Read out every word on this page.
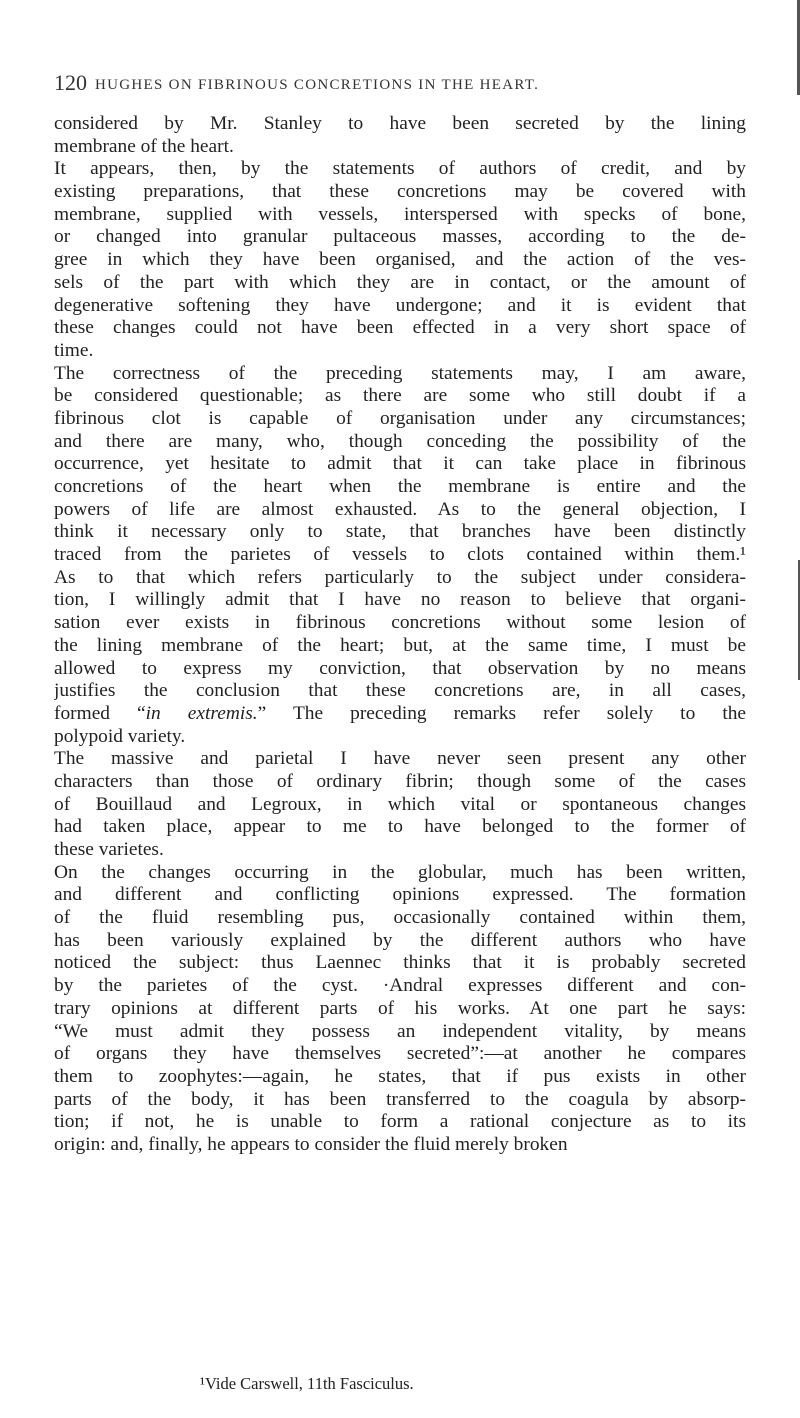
120 HUGHES ON FIBRINOUS CONCRETIONS IN THE HEART.
considered by Mr. Stanley to have been secreted by the lining
membrane of the heart.
It appears, then, by the statements of authors of credit, and by
existing preparations, that these concretions may be covered with
membrane, supplied with vessels, interspersed with specks of bone,
or changed into granular pultaceous masses, according to the de-
gree in which they have been organised, and the action of the ves-
sels of the part with which they are in contact, or the amount of
degenerative softening they have undergone; and it is evident that
these changes could not have been effected in a very short space of
time.
The correctness of the preceding statements may, I am aware,
be considered questionable; as there are some who still doubt if a
fibrinous clot is capable of organisation under any circumstances;
and there are many, who, though conceding the possibility of the
occurrence, yet hesitate to admit that it can take place in fibrinous
concretions of the heart when the membrane is entire and the
powers of life are almost exhausted. As to the general objection, I
think it necessary only to state, that branches have been distinctly
traced from the parietes of vessels to clots contained within them.¹
As to that which refers particularly to the subject under considera-
tion, I willingly admit that I have no reason to believe that organi-
sation ever exists in fibrinous concretions without some lesion of
the lining membrane of the heart; but, at the same time, I must be
allowed to express my conviction, that observation by no means
justifies the conclusion that these concretions are, in all cases,
formed “in extremis.” The preceding remarks refer solely to the
polypoid variety.
The massive and parietal I have never seen present any other
characters than those of ordinary fibrin; though some of the cases
of Bouillaud and Legroux, in which vital or spontaneous changes
had taken place, appear to me to have belonged to the former of
these varietes.
On the changes occurring in the globular, much has been written,
and different and conflicting opinions expressed. The formation
of the fluid resembling pus, occasionally contained within them,
has been variously explained by the different authors who have
noticed the subject: thus Laennec thinks that it is probably secreted
by the parietes of the cyst. ·Andral expresses different and con-
trary opinions at different parts of his works. At one part he says:
“We must admit they possess an independent vitality, by means
of organs they have themselves secreted”:—at another he compares
them to zoophytes:—again, he states, that if pus exists in other
parts of the body, it has been transferred to the coagula by absorp-
tion; if not, he is unable to form a rational conjecture as to its
origin: and, finally, he appears to consider the fluid merely broken
¹Vide Carswell, 11th Fasciculus.
